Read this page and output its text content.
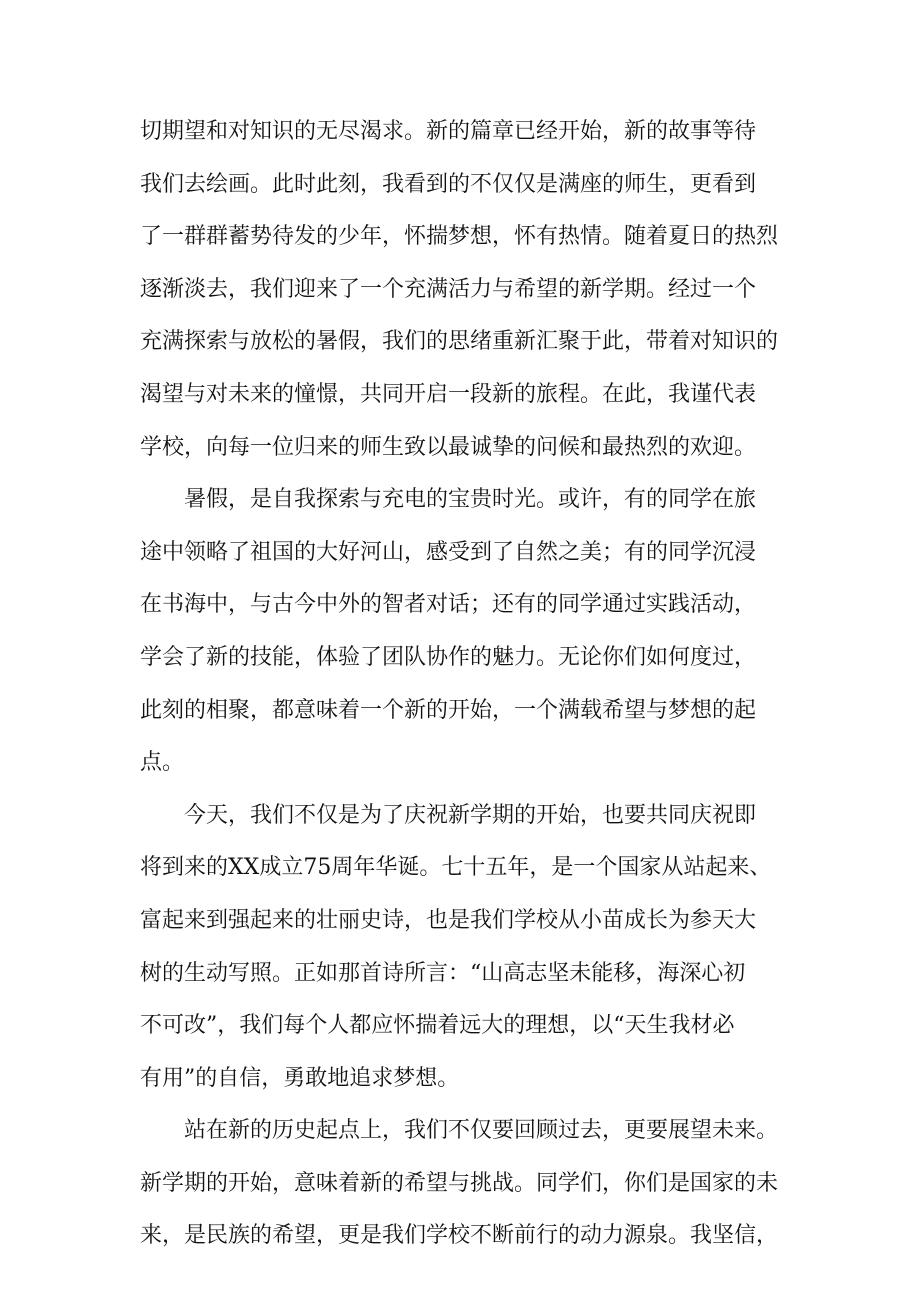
切期望和对知识的无尽渴求。新的篇章已经开始，新的故事等待
我们去绘画。此时此刻，我看到的不仅仅是满座的师生，更看到
了一群群蓄势待发的少年，怀揣梦想，怀有热情。随着夏日的热烈
逐渐淡去，我们迎来了一个充满活力与希望的新学期。经过一个
充满探索与放松的暑假，我们的思绪重新汇聚于此，带着对知识的
渴望与对未来的憧憬，共同开启一段新的旅程。在此，我谨代表
学校，向每一位归来的师生致以最诚挚的问候和最热烈的欢迎。
暑假，是自我探索与充电的宝贵时光。或许，有的同学在旅
途中领略了祖国的大好河山，感受到了自然之美；有的同学沉浸
在书海中，与古今中外的智者对话；还有的同学通过实践活动，
学会了新的技能，体验了团队协作的魅力。无论你们如何度过，
此刻的相聚，都意味着一个新的开始，一个满载希望与梦想的起
点。
今天，我们不仅是为了庆祝新学期的开始，也要共同庆祝即
将到来的XX成立75周年华诞。七十五年，是一个国家从站起来、
富起来到强起来的壮丽史诗，也是我们学校从小苗成长为参天大
树的生动写照。正如那首诗所言：“山高志坚未能移，海深心初
不可改”，我们每个人都应怀揣着远大的理想，以“天生我材必
有用”的自信，勇敢地追求梦想。
站在新的历史起点上，我们不仅要回顾过去，更要展望未来。
新学期的开始，意味着新的希望与挑战。同学们，你们是国家的未
来，是民族的希望，更是我们学校不断前行的动力源泉。我坚信，
